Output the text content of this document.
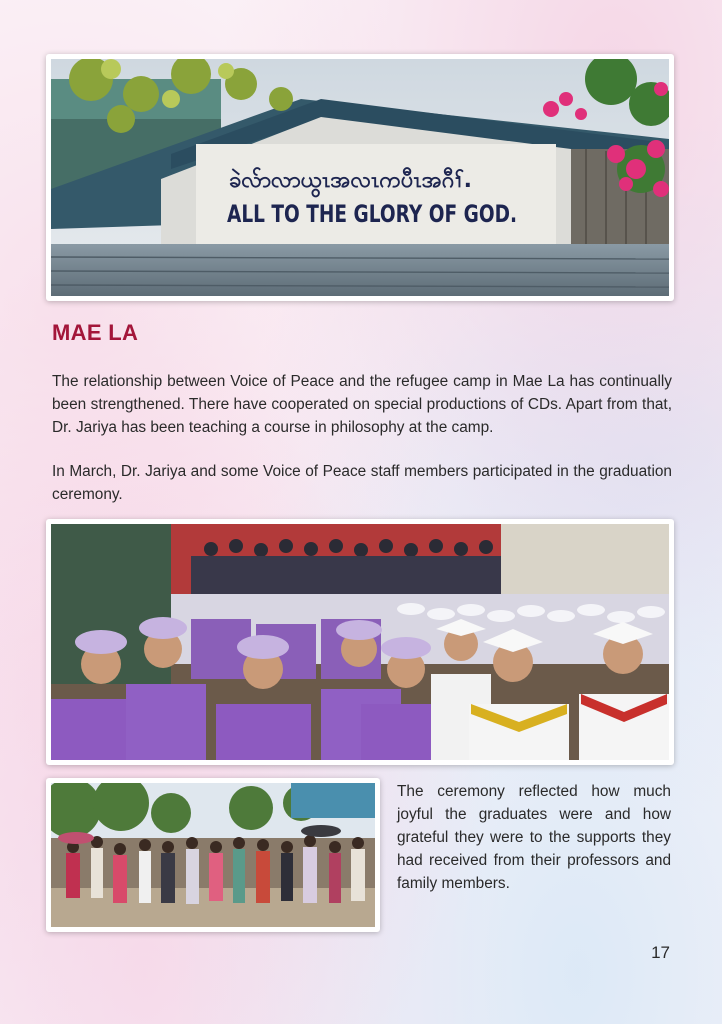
ခဲလ်ာလာယွၤအလၤကပီၤအဂီၢ်.
ALL TO THE GLORY OF GOD.
MAE LA

The relationship between Voice of Peace and the refugee camp in Mae La has continually been strengthened. There have cooperated on special productions of CDs. Apart from that, Dr. Jariya has been teaching a course in philosophy at the camp.

In March, Dr. Jariya and some Voice of Peace staff members participated in the graduation ceremony.

The ceremony reflected how much joyful the graduates were and how grateful they were to the supports they had received from their professors and family members.

17
